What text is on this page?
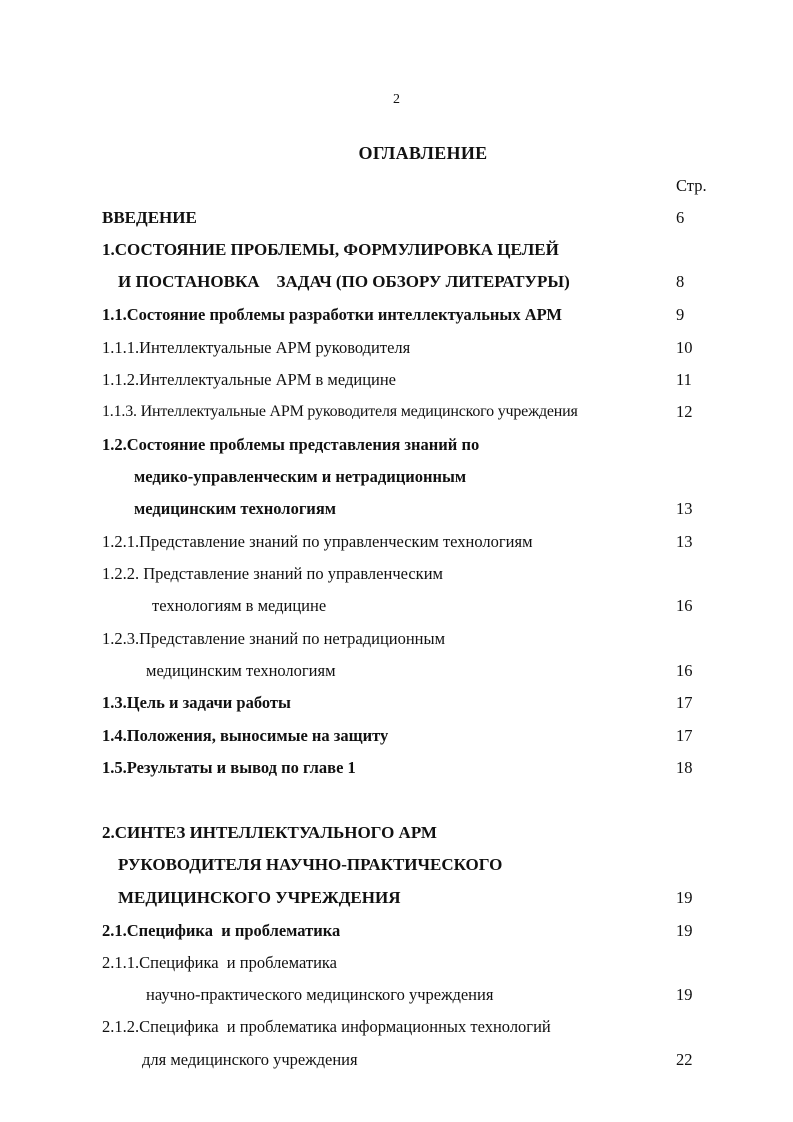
2
ОГЛАВЛЕНИЕ
Стр.
ВВЕДЕНИЕ	6
1.СОСТОЯНИЕ ПРОБЛЕМЫ, ФОРМУЛИРОВКА ЦЕЛЕЙ
И ПОСТАНОВКА    ЗАДАЧ (ПО ОБЗОРУ ЛИТЕРАТУРЫ)	8
1.1.Состояние проблемы разработки интеллектуальных АРМ	9
1.1.1.Интеллектуальные АРМ руководителя	10
1.1.2.Интеллектуальные АРМ в медицине	11
1.1.3. Интеллектуальные АРМ руководителя медицинского учреждения	12
1.2.Состояние проблемы представления знаний по
медико-управленческим и нетрадиционным
медицинским технологиям	13
1.2.1.Представление знаний по управленческим технологиям	13
1.2.2. Представление знаний по управленческим
технологиям в медицине	16
1.2.3.Представление знаний по нетрадиционным
медицинским технологиям	16
1.3.Цель и задачи работы	17
1.4.Положения, выносимые на защиту	17
1.5.Результаты и вывод по главе 1	18
2.СИНТЕЗ ИНТЕЛЛЕКТУАЛЬНОГО АРМ
РУКОВОДИТЕЛЯ НАУЧНО-ПРАКТИЧЕСКОГО
МЕДИЦИНСКОГО УЧРЕЖДЕНИЯ	19
2.1.Специфика  и проблематика	19
2.1.1.Специфика  и проблематика
научно-практического медицинского учреждения	19
2.1.2.Специфика  и проблематика информационных технологий
для медицинского учреждения	22
